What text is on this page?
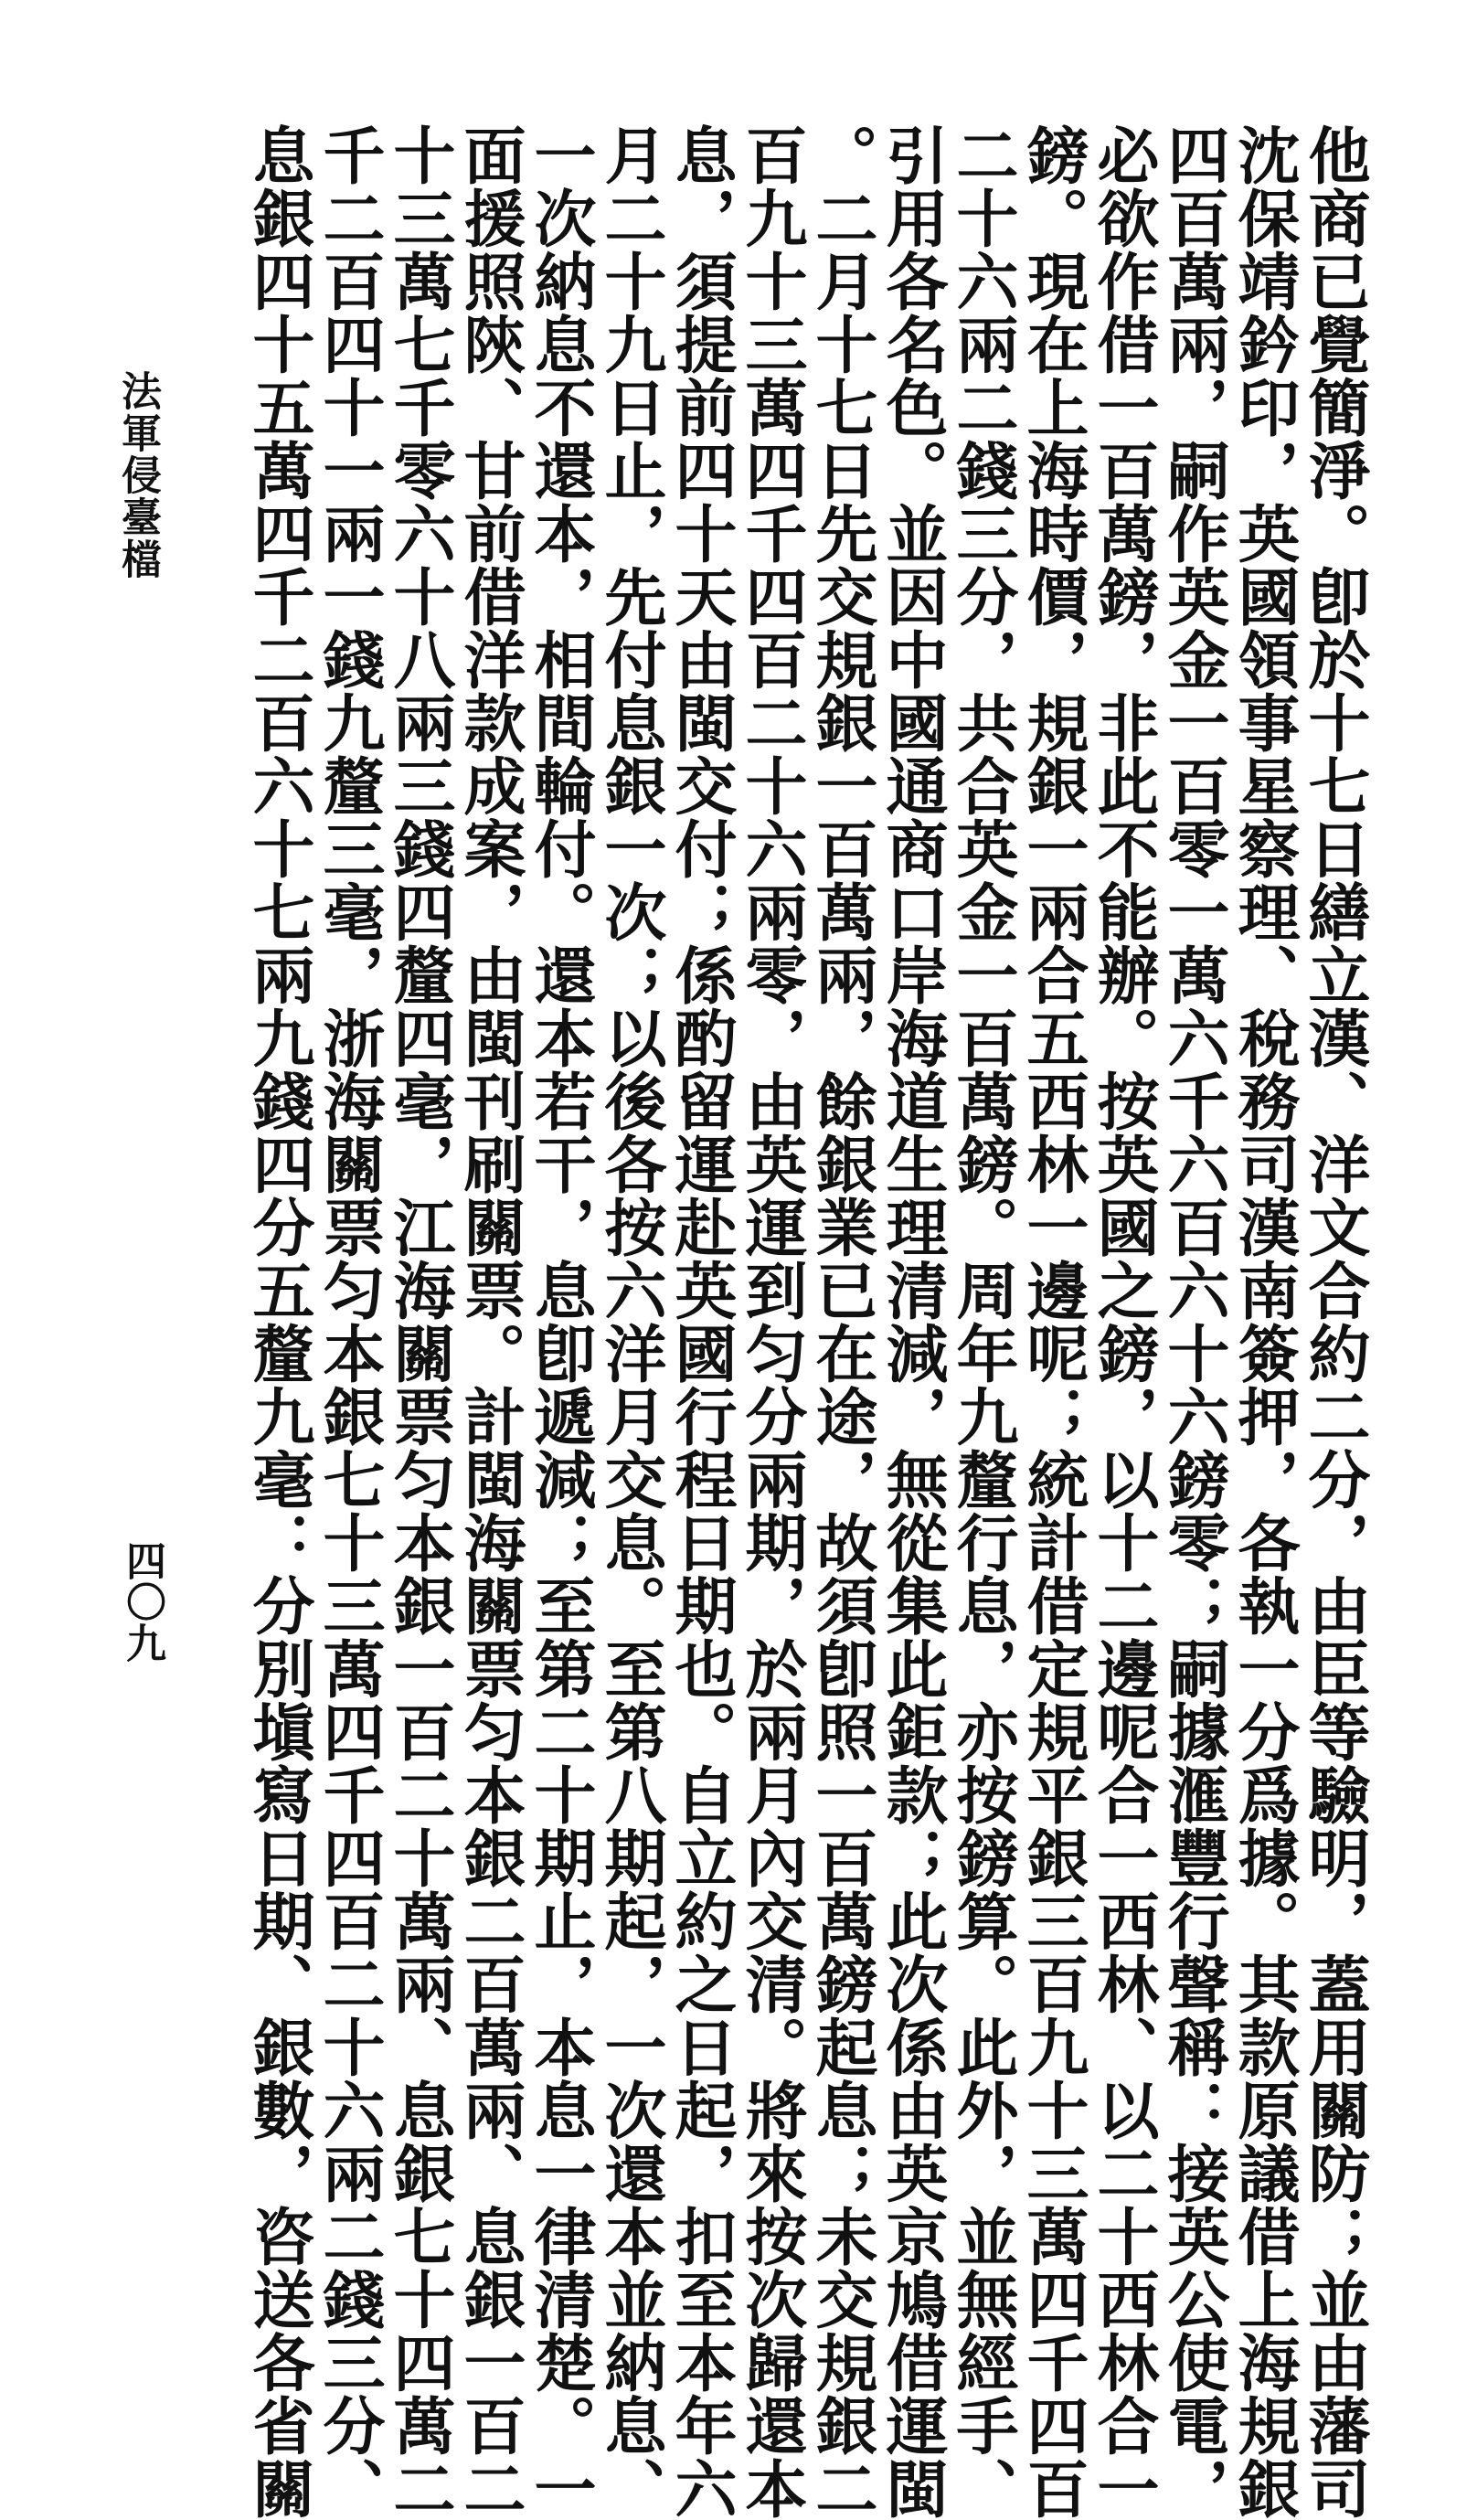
他商已覺簡淨。卽於十七日繕立漢、洋文合約二分，由臣等驗明，蓋用關防；並由藩司
沈保靖鈐印，英國領事星察理、稅務司漢南簽押，各執一分爲據。其款原議借上海規銀
四百萬兩，嗣作英金一百零一萬六千六百六十六鎊零；嗣據滙豐行聲稱：接英公使電，
必欲作借一百萬鎊，非此不能辦。按英國之鎊，以十二邊呢合一西林、以二十西林合一
鎊。現在上海時價，規銀一兩合五西林一邊呢；統計借定規平銀三百九十三萬四千四百
二十六兩二錢三分，共合英金一百萬鎊。周年九釐行息，亦按鎊算。此外，並無經手、
引用各名色。並因中國通商口岸海道生理清減，無從集此鉅款；此次係由英京鳩借運閩
。二月十七日先交規銀一百萬兩，餘銀業已在途，故須卽照一百萬鎊起息；未交規銀二
百九十三萬四千四百二十六兩零，由英運到匀分兩期，於兩月內交清。將來按次歸還本
息，須提前四十天由閩交付；係酌留運赴英國行程日期也。自立約之日起，扣至本年六
月二十九日止，先付息銀一次；以後各按六洋月交息。至第八期起，一次還本並納息、
一次納息不還本，相間輪付。還本若干，息卽遞減；至第二十期止，本息一律清楚。一
面援照陝、甘前借洋款成案，由閩刊刷關票。計閩海關票匀本銀二百萬兩、息銀一百二
十三萬七千零六十八兩三錢四釐四毫，江海關票匀本銀一百二十萬兩、息銀七十四萬二
千二百四十一兩一錢九釐三毫，浙海關票匀本銀七十三萬四千四百二十六兩二錢三分、
息銀四十五萬四千二百六十七兩九錢四分五釐九毫：分別塡寫日期、銀數，咨送各省關
法軍侵臺檔
四〇九
